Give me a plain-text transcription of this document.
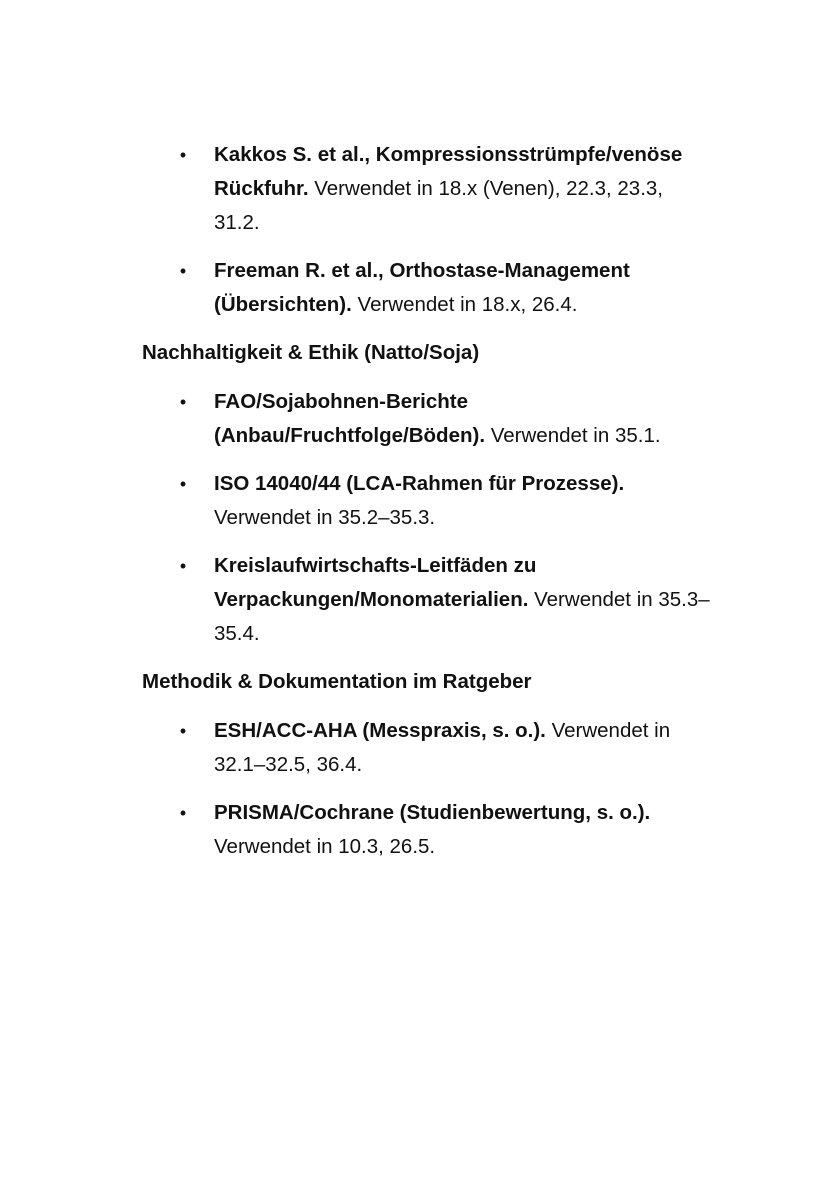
• Kakkos S. et al., Kompressionsstrümpfe/venöse Rückfuhr. Verwendet in 18.x (Venen), 22.3, 23.3, 31.2.
• Freeman R. et al., Orthostase-Management (Übersichten). Verwendet in 18.x, 26.4.
Nachhaltigkeit & Ethik (Natto/Soja)
• FAO/Sojabohnen-Berichte (Anbau/Fruchtfolge/Böden). Verwendet in 35.1.
• ISO 14040/44 (LCA-Rahmen für Prozesse). Verwendet in 35.2–35.3.
• Kreislaufwirtschafts-Leitfäden zu Verpackungen/Monomaterialien. Verwendet in 35.3–35.4.
Methodik & Dokumentation im Ratgeber
• ESH/ACC-AHA (Messpraxis, s. o.). Verwendet in 32.1–32.5, 36.4.
• PRISMA/Cochrane (Studienbewertung, s. o.). Verwendet in 10.3, 26.5.
